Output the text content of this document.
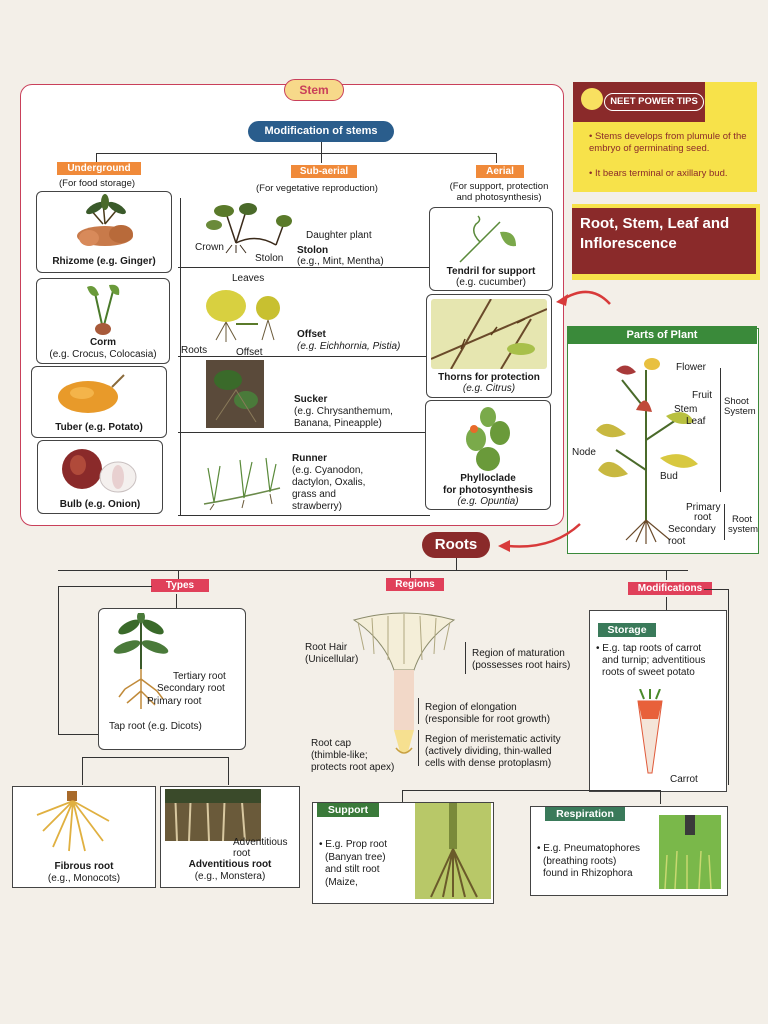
Stem
Modification of stems
Underground	Sub-aerial	Aerial
(For food storage)	(For vegetative reproduction)	(For support, protection
and photosynthesis)
Rhizome (e.g. Ginger)
Corm
(e.g. Crocus, Colocasia)
Tuber (e.g. Potato)
Bulb (e.g. Onion)
Crown
Stolon
Daughter plant
Stolon
(e.g., Mint, Mentha)
Leaves
Roots	Offset
Offset
(e.g. Eichhornia, Pistia)
Sucker
(e.g. Chrysanthemum,
Banana, Pineapple)
Runner
(e.g. Cyanodon,
dactylon, Oxalis,
grass and
strawberry)
Tendril for support
(e.g. cucumber)
Thorns for protection
(e.g. Citrus)
Phylloclade
for photosynthesis
(e.g. Opuntia)
NEET POWER TIPS
• Stems develops from plumule of the embryo of germinating seed.
• It bears terminal or axillary bud.
Root, Stem, Leaf and Inflorescence
Parts of Plant
Flower
Fruit
Stem
Leaf
Node
Bud
Primary
root
Secondary
root
Shoot
System
Root
system
Roots
Types	Regions	Modifications
Tertiary root
Secondary root
Primary root
Tap root (e.g. Dicots)
Fibrous root
(e.g., Monocots)
Adventitious
root
Adventitious root
(e.g., Monstera)
Root Hair
(Unicellular)
Region of maturation
(possesses root hairs)
Region of elongation
(responsible for root growth)
Region of meristematic activity
(actively dividing, thin-walled
cells with dense protoplasm)
Root cap
(thimble-like;
protects root apex)
Storage
• E.g. tap roots of carrot
and turnip; adventitious
roots of sweet potato
Carrot
Support
• E.g. Prop root
(Banyan tree)
and stilt root
(Maize,
Respiration
• E.g. Pneumatophores
(breathing roots)
found in Rhizophora
